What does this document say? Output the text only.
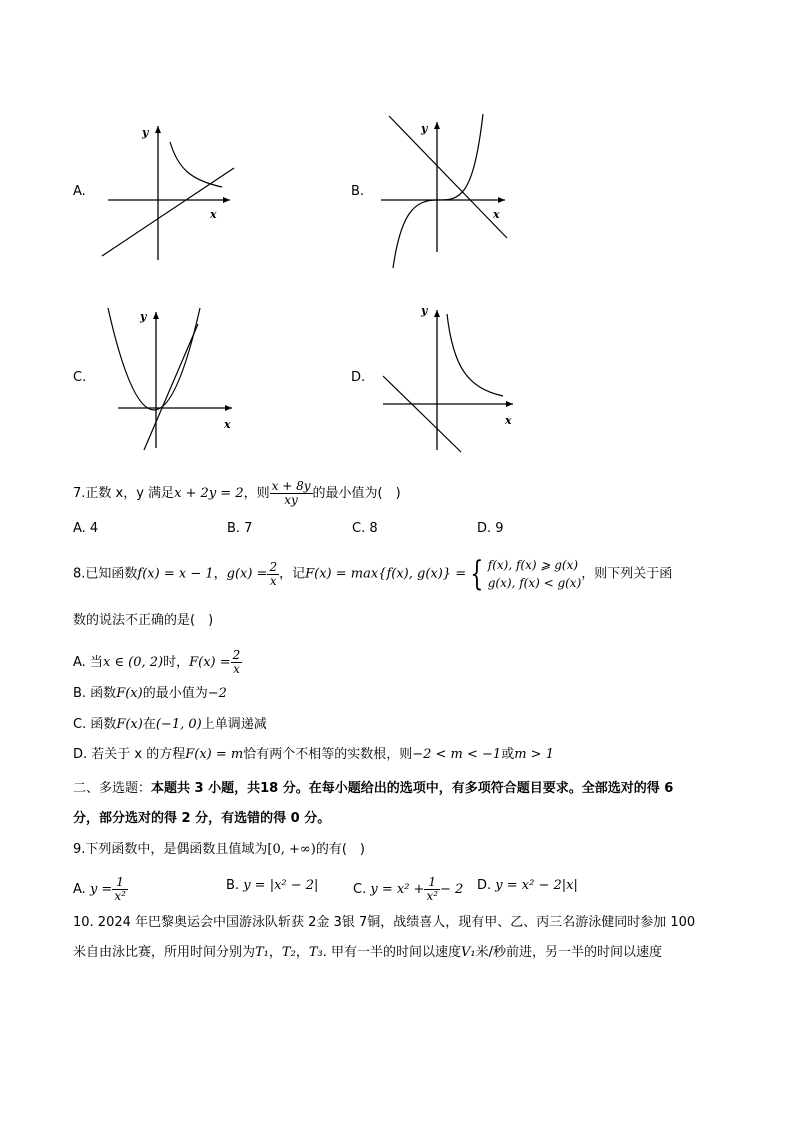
A.
y
x
B.
y
x
C.
y
x
D.
y
x
7.正数 x，y 满足x + 2y = 2，则 $\frac{x + 8y}{xy}$ 的最小值为(　)
A. 4	B. 7	C. 8	D. 9
8.已知函数f(x) = x − 1，$g(x) = \frac{2}{x}$ ，记F(x) = max{f(x), g(x)} = { f(x), f(x) ⩾ g(x)
g(x), f(x) < g(x)
，则下列关于函
数的说法不正确的是(　)
A. 当x ∈ (0, 2)时，$F(x) = \frac{2}{x}$
B. 函数F(x)的最小值为−2
C. 函数F(x)在(−1, 0)上单调递减
D. 若关于 x 的方程F(x) = m恰有两个不相等的实数根，则−2 < m < −1或m > 1
二、多选题：本题共 3 小题，共18 分。在每小题给出的选项中，有多项符合题目要求。全部选对的得 6
分，部分选对的得 2 分，有选错的得 0 分。
9.下列函数中，是偶函数且值域为[0, +∞)的有(　)
A. $y = \frac{1}{\text{x²}}$	B. y = |x² − 2|	C. $y = x^2 + \frac{1}{\text{x²}} - 2$ D. y = x² − 2|x|
10. 2024 年巴黎奥运会中国游泳队斩获 2金 3银 7铜，战绩喜人，现有甲、乙、丙三名游泳健同时参加 100
米自由泳比赛，所用时间分别为T₁，T₂，T₃. 甲有一半的时间以速度V₁米/秒前进，另一半的时间以速度
